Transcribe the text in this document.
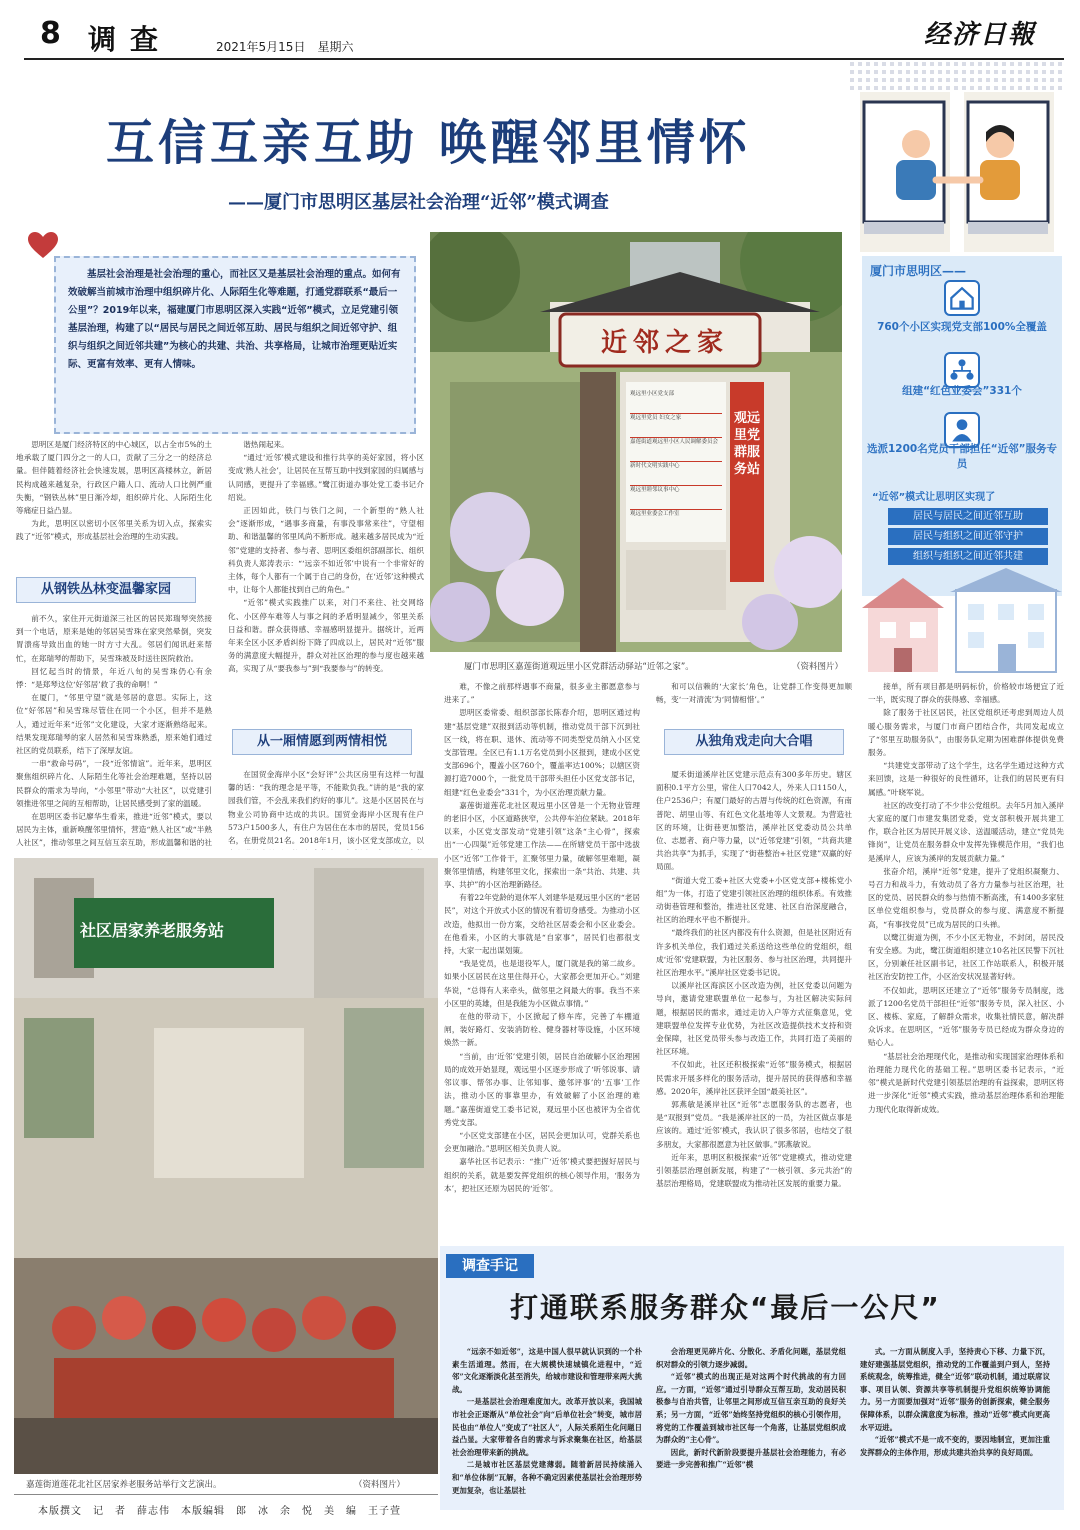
8 调查	2021年5月15日　星期六	经济日報
互信互亲互助 唤醒邻里情怀
——厦门市思明区基层社会治理“近邻”模式调查

基层社会治理是社会治理的重心，而社区又是基层社会治理的重点。如何有效破解当前城市治理中组织碎片化、人际陌生化等难题，打通党群联系“最后一公里”？2019年以来，福建厦门市思明区深入实践“近邻”模式，立足党建引领基层治理，构建了以“居民与居民之间近邻互助、居民与组织之间近邻守护、组织与组织之间近邻共建”为核心的共建、共治、共享格局，让城市治理更贴近实际、更富有效率、更有人情味。

近邻之家
观远里党群服务站
观远里小区党支部
观远里党员 妇女之家
嘉莲街道观远里小区人民调解委员会
新时代文明实践中心
观远里睦邻议事中心
观远里业委会工作室
厦门市思明区嘉莲街道观远里小区党群活动驿站“近邻之家”。	（资料图片）
厦门市思明区——
760个小区实现党支部100%全覆盖
组建“红色业委会”331个
选派1200名党员干部担任“近邻”服务专员
“近邻”模式让思明区实现了
居民与居民之间近邻互助
居民与组织之间近邻守护
组织与组织之间近邻共建
从钢铁丛林变温馨家园
从一厢情愿到两情相悦	从独角戏走向大合唱

思明区是厦门经济特区的中心城区，以占全市5%的土地承载了厦门四分之一的人口，贡献了三分之一的经济总量。但伴随着经济社会快速发展，思明区高楼林立，新居民构成越来越复杂，行政区户籍人口、流动人口比例严重失衡，“钢铁丛林”里日渐冷却，组织碎片化、人际陌生化等痛症日益凸显。

为此，思明区以密切小区邻里关系为切入点，探索实践了“近邻”模式，形成基层社会治理的生动实践。

前不久，家住开元街道深三社区的居民郑瑞琴突然接到一个电话，原来是她的邻居吴雪珠在家突然晕倒，突发胃溃疡导致出血的她一时方寸大乱。邻居们闻讯赶来帮忙，在郑瑞琴的帮助下，吴雪珠被及时送往医院救治。

回忆起当时的情景，年近八旬的吴雪珠仍心有余悸：“是郑琴这位‘好邻居’救了我的命啊！”

在厦门，“邻里守望”就是邻居的意思。实际上，这位“好邻居”和吴雪珠尽管住在同一个小区，但并不是熟人，通过近年来“近邻”文化建设，大家才逐渐熟络起来。结果发现郑瑞琴的家人居然和吴雪珠熟悉，原来她们通过社区的党员联系，结下了深厚友谊。

一串“救命号码”，一段“近邻情谊”。近年来，思明区聚焦组织碎片化、人际陌生化等社会治理难题，坚持以居民群众的需求为导向，“小邻里”带动“大社区”，以党建引领推进邻里之间的互相帮助，让居民感受到了家的温暖。

在思明区委书记廖华生看来，推进“近邻”模式，要以居民为主体，重新唤醒邻里情怀，营造“熟人社区”或“半熟人社区”，推动邻里之间互信互亲互助，形成温馨和谐的社

谐热闹起来。

“通过‘近邻’模式建设和推行共享的美好家园，将小区变成‘熟人社会’，让居民在互帮互助中找到家园的归属感与认同感，更提升了幸福感。”鹭江街道办事处党工委书记介绍说。

正因如此，铁门与铁门之间，一个新型的“熟人社会”逐渐形成，“遇事多商量，有事没事常来往”，守望相助、和谐温馨的邻里风尚不断形成。越来越多居民成为“近邻”党建的支持者、参与者、思明区委组织部副部长、组织科负责人郑涛表示：“‘远亲不如近邻’中说有一个非常好的主体，每个人都有一个属于自己的身份，在‘近邻’这种模式中，让每个人都能找到自己的角色。”

“近邻”模式实践推广以来，对门不来往、社交网络化、小区停车难等人与事之间的矛盾明显减少，邻里关系日益和谐。群众获得感、幸福感明显提升。据统计，近两年来全区小区矛盾纠纷下降了四成以上，居民对“近邻”服务的满意度大幅提升，群众对社区治理的参与度也越来越高，实现了从“要我参与”到“我要参与”的转变。

在国贸金海岸小区“会好评”公共区房里有这样一句温馨的话：“我的理念是平等，不能欺负我。”讲的是“我的家园我们管，不会乱来我们约好的事儿”。这是小区居民在与物业公司协商中达成的共识。国贸金海岸小区现有住户573户1500多人，有住户为居住在本市的居民，党员156名，在册党员21名。2018年1月，该小区党支部成立，以

难，不像之前那样遇事不商量，很多业主都愿意参与进来了。”

思明区委常委、组织部部长陈春介绍，思明区通过构建“基层党建”双报到活动等机制，推动党员干部下沉到社区一线，将在职、退休、流动等不同类型党员纳入小区党支部管理。全区已有1.1万名党员到小区报到，建成小区党支部696个，覆盖小区760个，覆盖率达100%；以辖区资源打造7000个，一批党员干部带头担任小区党支部书记，组建“红色业委会”331个，为小区治理贡献力量。

嘉莲街道莲花北社区观远里小区曾是一个无物业管理的老旧小区，小区道路狭窄，公共停车泊位紧缺。2018年以来，小区党支部发动“党建引领”这条“主心骨”，探索出“一心四渠”近邻党建工作法——在所辖党员干部中选拔小区“近邻”工作骨干，汇聚邻里力量，破解邻里难题，凝聚邻里情感，构建邻里文化，探索出一条“共治、共建、共享、共护”的小区治理新路径。

有着22年党龄的退休军人刘建华是观远里小区的“老居民”，对这个开放式小区的情况有着切身感受。为推动小区改造，他拟出一份方案，交给社区居委会和小区业委会。在他看来，小区的大事就是“自家事”，居民们也都很支持，大家一起出谋划策。

“我是党员，也是退役军人，厦门就是我的第二故乡。如果小区居民在这里住得开心，大家都会更加开心。”刘建华说，“总得有人来牵头，做邻里之间最大的事。我当不来小区里的英雄，但是我能为小区做点事情。”

在他的带动下，小区掀起了修车库，完善了车棚道闸，装好路灯、安装消防栓、健身器材等设施，小区环境焕然一新。

“当前，由‘近邻’党建引领，居民自治破解小区治理困局的成效开始显现，观远里小区逐步形成了‘听邻说事、请邻议事、帮邻办事、让邻知事、邀邻评事’的‘五事’工作法，推动小区的事靠里办，有效破解了小区治理的难题。”嘉莲街道党工委书记说，观远里小区也被评为全省优秀党支部。

“小区党支部建在小区，居民会更加认可，党群关系也会更加融洽。”思明区相关负责人说。

嘉华社区书记表示：“推广‘近邻’模式要把握好居民与组织的关系，就是要发挥党组织的核心领导作用，‘服务为本’，把社区还原为居民的‘近邻’。

和可以信赖的‘大家长’角色，让党群工作变得更加顺畅，变‘一对清流’为‘同情相惜’。”

厦禾街道溪岸社区党建示范点有300多年历史。辖区面积0.1平方公里，常住人口7042人，外来人口1150人，住户2536户；有厦门最好的古厝与传统的红色资源，有南普陀、胡里山等、有红色文化基地等人文景观。为营造社区的环境，让街巷更加整洁，溪岸社区党委动员公共单位、志愿者、商户等力量，以“近邻党建”引领，“共商共建共治共享”为抓手，实现了“街巷整治+社区党建”双赢的好局面。

“街道大党工委+社区大党委+小区党支部+楼栋党小组”为一体，打造了党建引领社区治理的组织体系。有效推动街巷管理和整治，推进社区党建、社区自治深度融合，社区的治理水平也不断提升。

“最终我们的社区内都没有什么资源，但是社区附近有许多机关单位，我们通过关系送给这些单位的党组织，组成‘近邻’党建联盟，为社区服务、参与社区治理，共同提升社区治理水平。”溪岸社区党委书记说。

以溪岸社区海滨区小区改造为例，社区党委以问题为导向，邀请党建联盟单位一起参与，为社区解决实际问题，根据居民的需求，通过走访入户等方式征集意见，党建联盟单位发挥专业优势，为社区改造提供技术支持和资金保障，社区党员带头参与改造工作，共同打造了美丽的社区环境。

不仅如此，社区还积极探索“近邻”服务模式，根据居民需求开展多样化的服务活动，提升居民的获得感和幸福感。2020年，溪岸社区获评全国“最美社区”。

郭燕敏是溪岸社区“近邻”志愿服务队的志愿者，也是“双报到”党员。“我是溪岸社区的一员，为社区做点事是应该的。通过‘近邻’模式，我认识了很多邻居，也结交了很多朋友，大家都很愿意为社区做事。”郭燕敏说。

近年来，思明区积极探索“近邻”党建模式，推动党建引领基层治理创新发展，构建了“一核引领、多元共治”的基层治理格局，党建联盟成为推动社区发展的重要力量。

接单，所有项目都是明码标价，价格较市场便宜了近一半，既实现了群众的获得感、幸福感。

除了服务于社区居民，社区党组织还考虑到周边人员暖心服务需求，与厦门市商户团结合作，共同发起成立了“邻里互助服务队”，由服务队定期为困难群体提供免费服务。

“共建党支部带动了这个学生，这名学生通过这种方式来回馈，这是一种很好的良性循环，让我们的居民更有归属感。”叶晓军说。

社区的改变打动了不少非公党组织。去年5月加入溪岸大家庭的厦门市建发集团党委，党支部积极开展共建工作，联合社区为居民开展义诊、送温暖活动，建立“党员先锋岗”，让党员在服务群众中发挥先锋模范作用，“我们也是溪岸人，应该为溪岸的发展贡献力量。”

张奋介绍，溪岸“近邻”党建，提升了党组织凝聚力、号召力和战斗力，有效动员了各方力量参与社区治理，社区的党员、居民群众的参与热情不断高涨，有1400多家驻区单位党组织参与，党员群众的参与度、满意度不断提高，“有事找党员”已成为居民的口头禅。

以鹭江街道为例，不少小区无物业，不封闭，居民没有安全感。为此，鹭江街道组织建立10名社区民警下沉社区，分别兼任社区副书记，社区工作站联系人，积极开展社区治安防控工作，小区治安状况显著好转。

不仅如此，思明区还建立了“近邻”服务专员制度，选派了1200名党员干部担任“近邻”服务专员，深入社区、小区、楼栋、家庭，了解群众需求，收集社情民意，解决群众诉求。在思明区，“近邻”服务专员已经成为群众身边的贴心人。

“基层社会治理现代化，是推动和实现国家治理体系和治理能力现代化的基础工程。”思明区委书记表示，“近邻”模式是新时代党建引领基层治理的有益探索，思明区将进一步深化“近邻”模式实践，推动基层治理体系和治理能力现代化取得新成效。

社区居家养老服务站
嘉莲街道莲花北社区居家养老服务站举行文艺演出。	（资料图片）
调查手记
打通联系服务群众“最后一公尺”

“远亲不如近邻”，这是中国人很早就认识到的一个朴素生活道理。然而，在大规模快速城镇化进程中，“近邻”文化逐渐淡化甚至消失，给城市建设和管理带来两大挑战。

一是基层社会治理难度加大。改革开放以来，我国城市社会正逐渐从“单位社会”向“后单位社会”转变，城市居民也由“单位人”变成了“社区人”，人际关系陌生化问题日益凸显。大家带着各自的需求与诉求聚集在社区，给基层社会治理带来新的挑战。

二是城市社区基层党建薄弱。随着新居民持续涌入和“单位体制”瓦解，各种不确定因素使基层社会治理形势更加复杂，也让基层社

会治理更见碎片化、分散化、矛盾化问题，基层党组织对群众的引领力逐步减弱。

“近邻”模式的出现正是对这两个时代挑战的有力回应。一方面，“近邻”通过引导群众互帮互助，发动居民积极参与自治共管，让邻里之间形成互信互亲互助的良好关系；另一方面，“近邻”始终坚持党组织的核心引领作用，将党的工作覆盖到城市社区每一个角落，让基层党组织成为群众的“主心骨”。

因此，新时代新阶段要提升基层社会治理能力，有必要进一步完善和推广“近邻”模

式。一方面从制度入手，坚持责心下移、力量下沉，建好建强基层党组织，推动党的工作覆盖到户到人，坚持系统观念，统筹推进，健全“近邻”联动机制，通过联席议事、项目认领、资源共享等机制提升党组织统筹协调能力。另一方面要加强对“近邻”服务的创新探索，健全服务保障体系，以群众满意度为标准，推动“近邻”模式向更高水平迈进。

“近邻”模式不是一成不变的，要因地制宜，更加注重发挥群众的主体作用，形成共建共治共享的良好局面。

本版撰文　记　者　薛志伟　本版编辑　郎　冰　余　悦　美　编　王子萱
